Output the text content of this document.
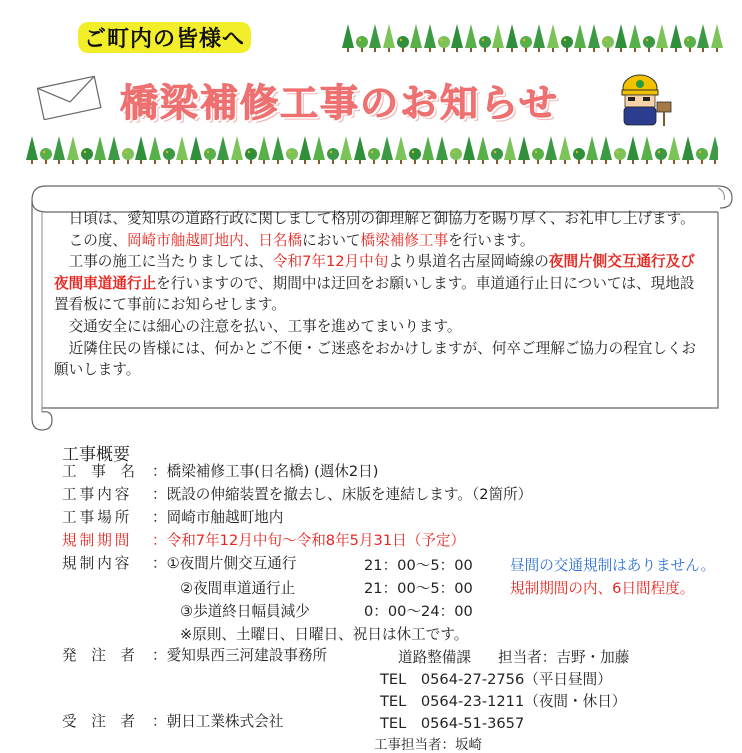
ご町内の皆様へ
橋梁補修工事のお知らせ

日頃は、愛知県の道路行政に関しまして格別の御理解と御協力を賜り厚く、お礼申し上げます。

この度、岡崎市舳越町地内、日名橋において橋梁補修工事を行います。

工事の施工に当たりましては、令和7年12月中旬より県道名古屋岡崎線の夜間片側交互通行及び夜間車道通行止を行いますので、期間中は迂回をお願いします。車道通行止日については、現地設置看板にて事前にお知らせします。

交通安全には細心の注意を払い、工事を進めてまいります。

近隣住民の皆様には、何かとご不便・ご迷惑をおかけしますが、何卒ご理解ご協力の程宜しくお願いします。

工事概要
工　事　名 ：橋梁補修工事(日名橋) (週休2日)
工事内容 ：既設の伸縮装置を撤去し、床版を連結します。（2箇所）
工事場所 ：岡崎市舳越町地内
規制期間 ：令和7年12月中旬～令和8年5月31日（予定）
規制内容 ：①夜間片側交互通行	21：00～5：00	昼間の交通規制はありません。
②夜間車道通行止	21：00～5：00	規制期間の内、6日間程度。
③歩道終日幅員減少	0：00～24：00
※原則、土曜日、日曜日、祝日は休工です。
発　注　者 ：愛知県西三河建設事務所	道路整備課 担当者：吉野・加藤
TEL　0564-27-2756（平日昼間）
TEL　0564-23-1211（夜間・休日）
受　注　者 ：朝日工業株式会社	TEL　0564-51-3657
工事担当者：坂崎
